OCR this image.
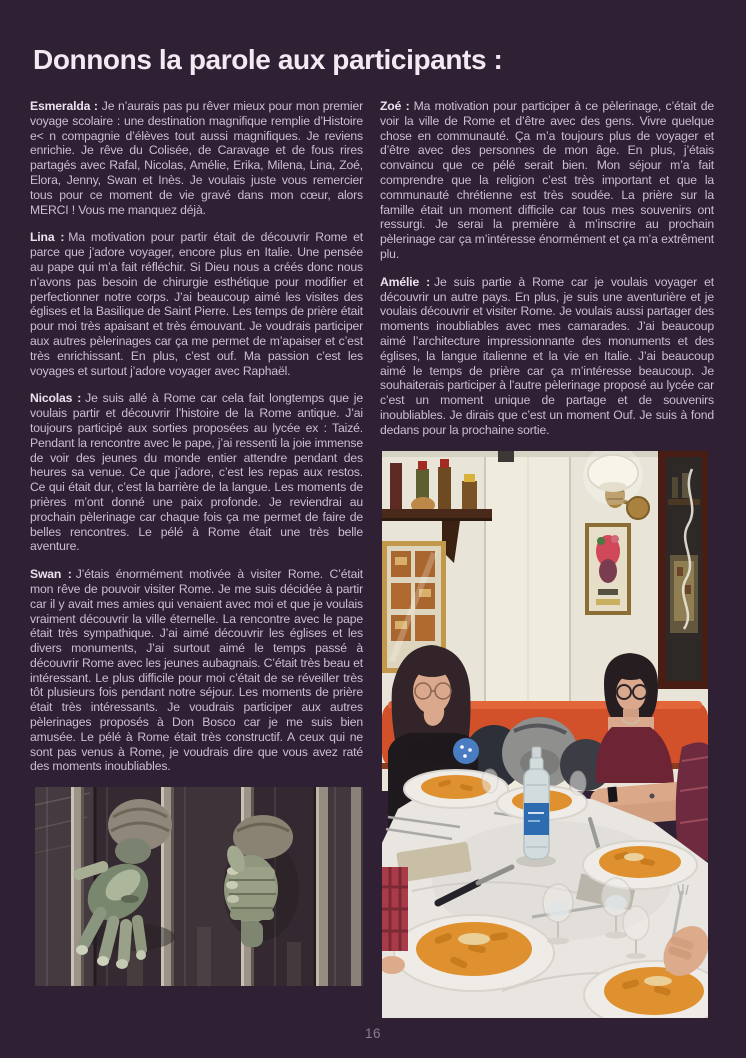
Donnons la parole aux participants :

Esmeralda : Je n’aurais pas pu rêver mieux pour mon premier voyage scolaire : une destination magnifique remplie d’Histoire e< n compagnie d’élèves tout aussi magnifiques. Je reviens enrichie. Je rêve du Colisée, de Caravage et de fous rires partagés avec Rafal, Nicolas, Amélie, Erika, Milena, Lina, Zoé, Elora, Jenny, Swan et Inès. Je voulais juste vous remercier tous pour ce moment de vie gravé dans mon cœur, alors MERCI ! Vous me manquez déjà.

Lina : Ma motivation pour partir était de découvrir Rome et parce que j’adore voyager, encore plus en Italie. Une pensée au pape qui m’a fait réfléchir. Si Dieu nous a créés donc nous n’avons pas besoin de chirurgie esthétique pour modifier et perfectionner notre corps. J’ai beaucoup aimé les visites des églises et la Basilique de Saint Pierre. Les temps de prière était pour moi très apaisant et très émouvant. Je voudrais participer aux autres pèlerinages car ça me permet de m’apaiser et c’est très enrichissant. En plus, c’est ouf. Ma passion c’est les voyages et surtout j’adore voyager avec Raphaël.

Nicolas : Je suis allé à Rome car cela fait longtemps que je voulais partir et découvrir l’histoire de la Rome antique. J’ai toujours participé aux sorties proposées au lycée ex : Taizé. Pendant la rencontre avec le pape, j’ai ressenti la joie immense de voir des jeunes du monde entier attendre pendant des heures sa venue. Ce que j’adore, c’est les repas aux restos. Ce qui était dur, c’est la barrière de la langue. Les moments de prières m’ont donné une paix profonde. Je reviendrai au prochain pèlerinage car chaque fois ça me permet de faire de belles rencontres. Le pélé à Rome était une très belle aventure.

Swan : J’étais énormément motivée à visiter Rome. C’était mon rêve de pouvoir visiter Rome. Je me suis décidée à partir car il y avait mes amies qui venaient avec moi et que je voulais vraiment découvrir la ville éternelle. La rencontre avec le pape était très sympathique. J’ai aimé découvrir les églises et les divers monuments, J’ai surtout aimé le temps passé à découvrir Rome avec les jeunes aubagnais. C’était très beau et intéressant. Le plus difficile pour moi c’était de se réveiller très tôt plusieurs fois pendant notre séjour. Les moments de prière était très intéressants. Je voudrais participer aux autres pèlerinages proposés à Don Bosco car je me suis bien amusée. Le pélé à Rome était très constructif. A ceux qui ne sont pas venus à Rome, je voudrais dire que vous avez raté des moments inoubliables.

Zoé : Ma motivation pour participer à ce pèlerinage, c’était de voir la ville de Rome et d’être avec des gens. Vivre quelque chose en communauté. Ça m’a toujours plus de voyager et d’être avec des personnes de mon âge. En plus, j’étais convaincu que ce pélé serait bien. Mon séjour m’a fait comprendre que la religion c’est très important et que la communauté chrétienne est très soudée. La prière sur la famille était un moment difficile car tous mes souvenirs ont ressurgi. Je serai la première à m’inscrire au prochain pèlerinage car ça m’intéresse énormément et ça m’a extrêment plu.

Amélie : Je suis partie à Rome car je voulais voyager et découvrir un autre pays. En plus, je suis une aventurière et je voulais découvrir et visiter Rome. Je voulais aussi partager des moments inoubliables avec mes camarades. J’ai beaucoup aimé l’architecture impressionnante des monuments et des églises, la langue italienne et la vie en Italie. J’ai beaucoup aimé le temps de prière car ça m’intéresse beaucoup. Je souhaiterais participer à l’autre pèlerinage proposé au lycée car c’est un moment unique de partage et de souvenirs inoubliables. Je dirais que c’est un moment Ouf. Je suis à fond dedans pour la prochaine sortie.

16
